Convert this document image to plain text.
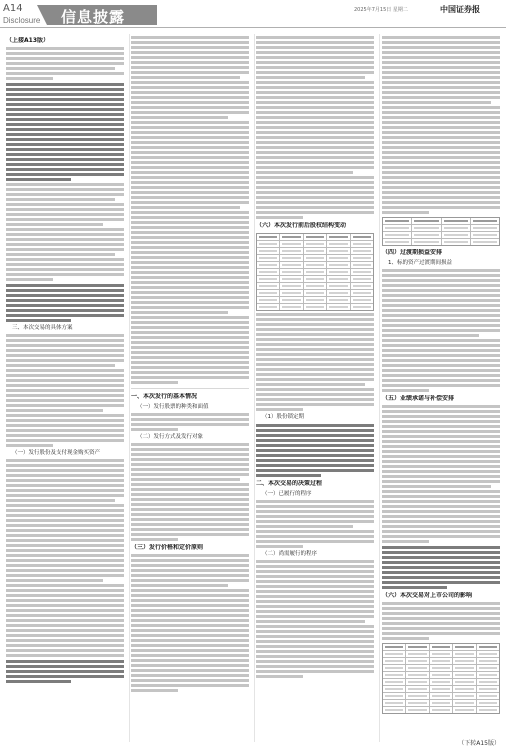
A14
Disclosure 信息披露	2025年7月15日 星期二	中国证券报
（上接A13版）
三、本次交易的具体方案
（一）发行股份及支付现金购买资产
一、本次发行的基本情况
（一）发行股票的种类和面值
（二）发行方式及发行对象
（三）发行价格和定价原则
（六）本次发行前后股权结构变动
（1）股份锁定期
二、本次交易的决策过程
（一）已履行的程序
（二）尚需履行的程序
（四）过渡期损益安排
1、标的资产过渡期间损益
（五）业绩承诺与补偿安排
（六）本次交易对上市公司的影响
（下转A15版）
